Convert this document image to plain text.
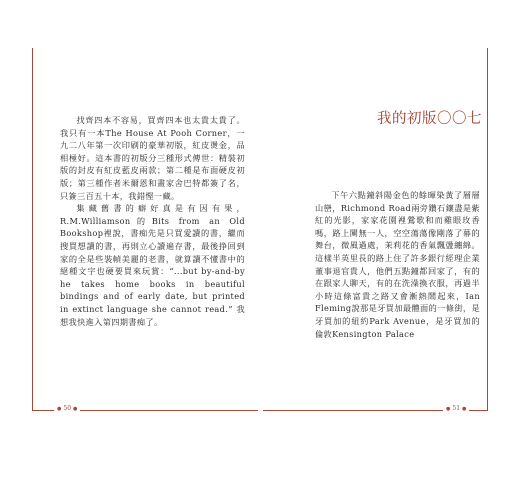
找齊四本不容易，買齊四本也太貴太貴了。我只有一本The House At Pooh Corner，一九二八年第一次印刷的豪華初版，紅皮燙金，品相極好。這本書的初版分三種形式傳世：精裝初版的封皮有紅皮藍皮兩款；第二種是布面硬皮初版；第三種作者米爾恩和畫家舍巴特都簽了名，只簽三百五十本，我錯慳一藏。

集藏舊書的癖好真是有因有果，R.M.Williamson的Bits from an Old Bookshop裡說，書痴先是只買愛讀的書，繼而搜買想讀的書，再則立心讀遍存書，最後挣回到家的全是些裝幀美麗的老書，就算讀不懂書中的絕種文字也硬要買來玩賞：“...but by-and-by he takes home books in beautiful bindings and of early date, but printed in extinct language she cannot read.” 我想我快進入第四期書痴了。

● 50 ●
我的初版〇〇七

下午六點鐘斜陽金色的餘暉染黃了層層山巒，Richmond Road兩旁鑽石鑲盡是紫紅的光影，家家花園裡鶯歌和而雞眼玫香嗎，路上闃無一人，空空蕩蕩像剛落了幕的舞台，微風過處，茉莉花的香氣飄盪纏綿。這樣半英里長的路上住了許多銀行經理企業董事退官貴人，他們五點鐘都回家了，有的在跟家人聊天，有的在洗澡換衣服，再過半小時這條富貴之路又會漸熱鬧起來，Ian Fleming說那是牙買加最體面的一條街，是牙買加的紐約Park Avenue，是牙買加的倫敦Kensington Palace

● 51 ●
